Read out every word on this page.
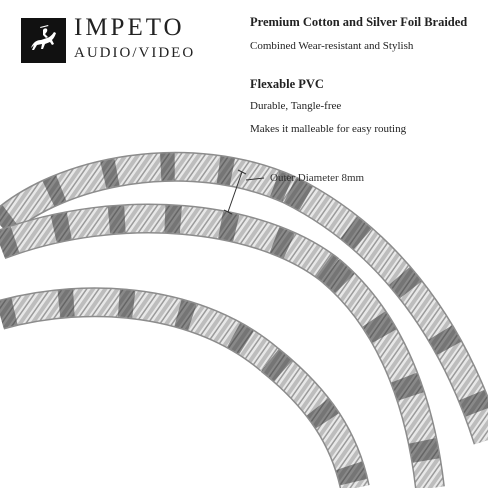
IMPETO
AUDIO/VIDEO
Premium Cotton and Silver Foil Braided
Combined Wear-resistant and Stylish
Flexable PVC
Durable, Tangle-free
Makes it malleable for easy routing
Outer Diameter 8mm
